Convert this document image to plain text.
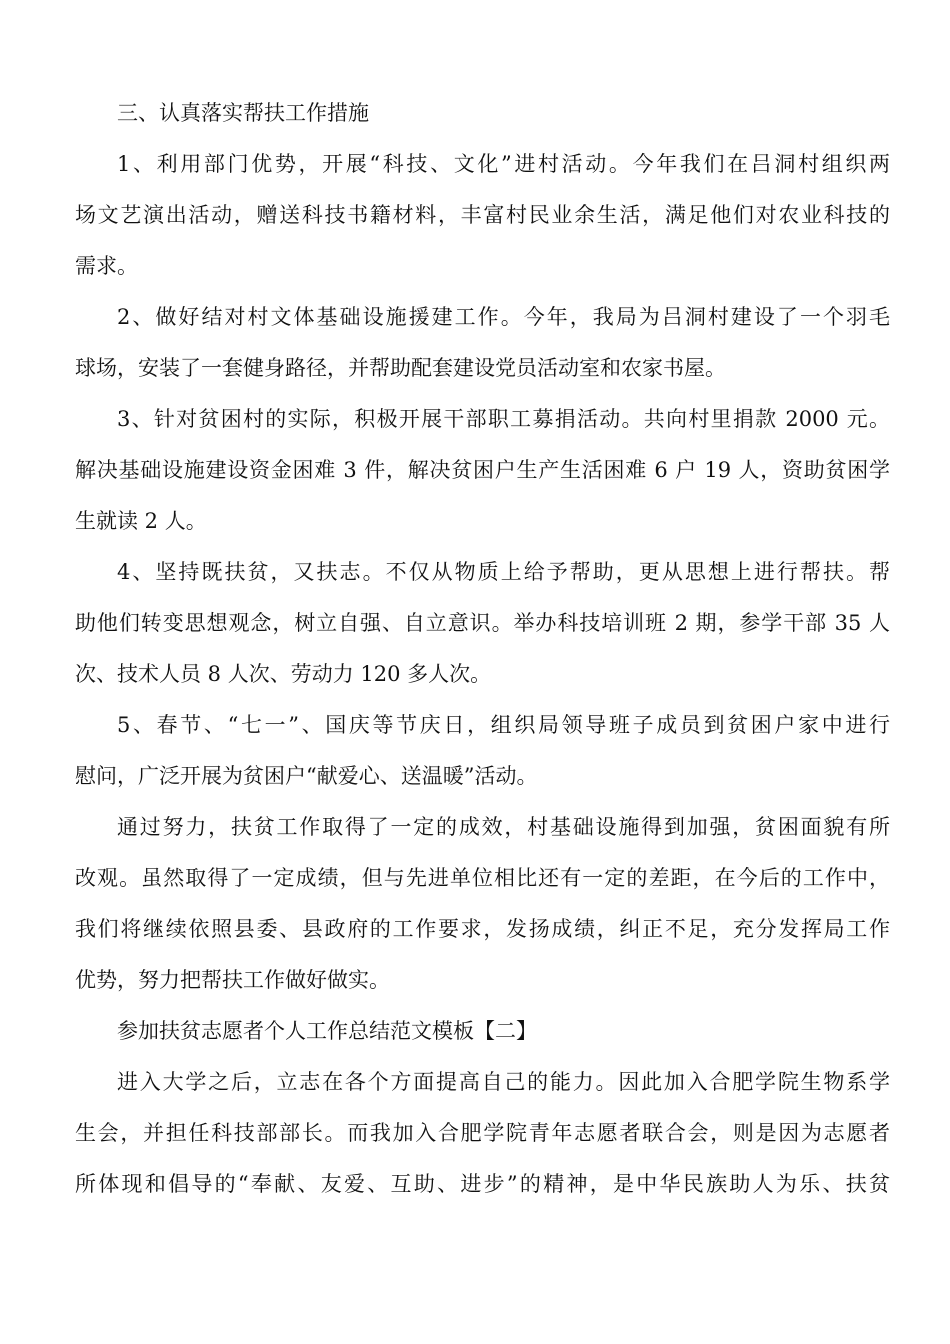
三、认真落实帮扶工作措施
1、利用部门优势，开展“科技、文化”进村活动。今年我们在吕洞村组织两
场文艺演出活动，赠送科技书籍材料，丰富村民业余生活，满足他们对农业科技的
需求。
2、做好结对村文体基础设施援建工作。今年，我局为吕洞村建设了一个羽毛
球场，安装了一套健身路径，并帮助配套建设党员活动室和农家书屋。
3、针对贫困村的实际，积极开展干部职工募捐活动。共向村里捐款 2000 元。
解决基础设施建设资金困难 3 件，解决贫困户生产生活困难 6 户 19 人，资助贫困学
生就读 2 人。
4、坚持既扶贫，又扶志。不仅从物质上给予帮助，更从思想上进行帮扶。帮
助他们转变思想观念，树立自强、自立意识。举办科技培训班 2 期，参学干部 35 人
次、技术人员 8 人次、劳动力 120 多人次。
5、春节、“七一”、国庆等节庆日，组织局领导班子成员到贫困户家中进行
慰问，广泛开展为贫困户“献爱心、送温暖”活动。
通过努力，扶贫工作取得了一定的成效，村基础设施得到加强，贫困面貌有所
改观。虽然取得了一定成绩，但与先进单位相比还有一定的差距，在今后的工作中，
我们将继续依照县委、县政府的工作要求，发扬成绩，纠正不足，充分发挥局工作
优势，努力把帮扶工作做好做实。
参加扶贫志愿者个人工作总结范文模板【二】
进入大学之后，立志在各个方面提高自己的能力。因此加入合肥学院生物系学
生会，并担任科技部部长。而我加入合肥学院青年志愿者联合会，则是因为志愿者
所体现和倡导的“奉献、友爱、互助、进步”的精神，是中华民族助人为乐、扶贫
